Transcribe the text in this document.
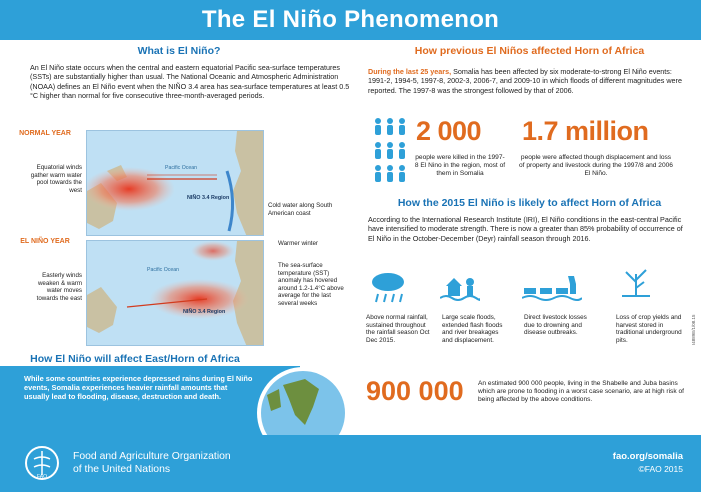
The El Niño Phenomenon
What is El Niño?

An El Niño state occurs when the central and eastern equatorial Pacific sea-surface temperatures (SSTs) are substantially higher than usual. The National Oceanic and Atmospheric Administration (NOAA) defines an El Niño event when the NIÑO 3.4 area has sea-surface temperatures at least 0.5 °C higher than normal for five consecutive three-month-averaged periods.

NORMAL YEAR
Equatorial winds gather warm water pool towards the west
Pacific Ocean
NIÑO 3.4 Region
Cold water along South American coast
EL NIÑO YEAR
Easterly winds weaken & warm water moves towards the east
Pacific Ocean
NIÑO 3.4 Region
Warmer winter
The sea-surface temperature (SST) anomaly has hovered around 1.2-1.4°C above average for the last several weeks
How El Niño will affect East/Horn of Africa

While some countries experience depressed rains during El Niño events, Somalia experiences heavier rainfall amounts that usually lead to flooding, disease, destruction and death.

How previous El Niños affected Horn of Africa

During the last 25 years, Somalia has been affected by six moderate-to-strong El Niño events: 1991-2, 1994-5, 1997-8, 2002-3, 2006-7, and 2009-10 in which floods of different magnitudes were reported. The 1997-8 was the strongest followed by that of 2006.

2 000
people were killed in the 1997-8 El Nino in the region, most of them in Somalia
1.7 million
people were affected though displacement and loss of property and livestock during the 1997/8 and 2006 El Niño.
How the 2015 El Niño is likely to affect Horn of Africa

According to the International Research Institute (IRI), El Niño conditions in the east-central Pacific have intensified to moderate strength. There is now a greater than 85% probability of occurrence of El Niño in the October-December (Deyr) rainfall season through 2016.

Above normal rainfall, sustained throughout the rainfall season Oct Dec 2015.
Large scale floods, extended flash floods and river breakages and displacement.
Direct livestock losses due to drowning and disease outbreaks.
Loss of crop yields and harvest stored in traditional underground pits.
900 000 An estimated 900 000 people, living in the Shabelle and Juba basins which are prone to flooding in a worst case scenario, are at high risk of being affected by the above conditions.
I4889E/1/08.15
FAO
Food and Agriculture Organization
of the United Nations
fao.org/somalia
©FAO 2015
